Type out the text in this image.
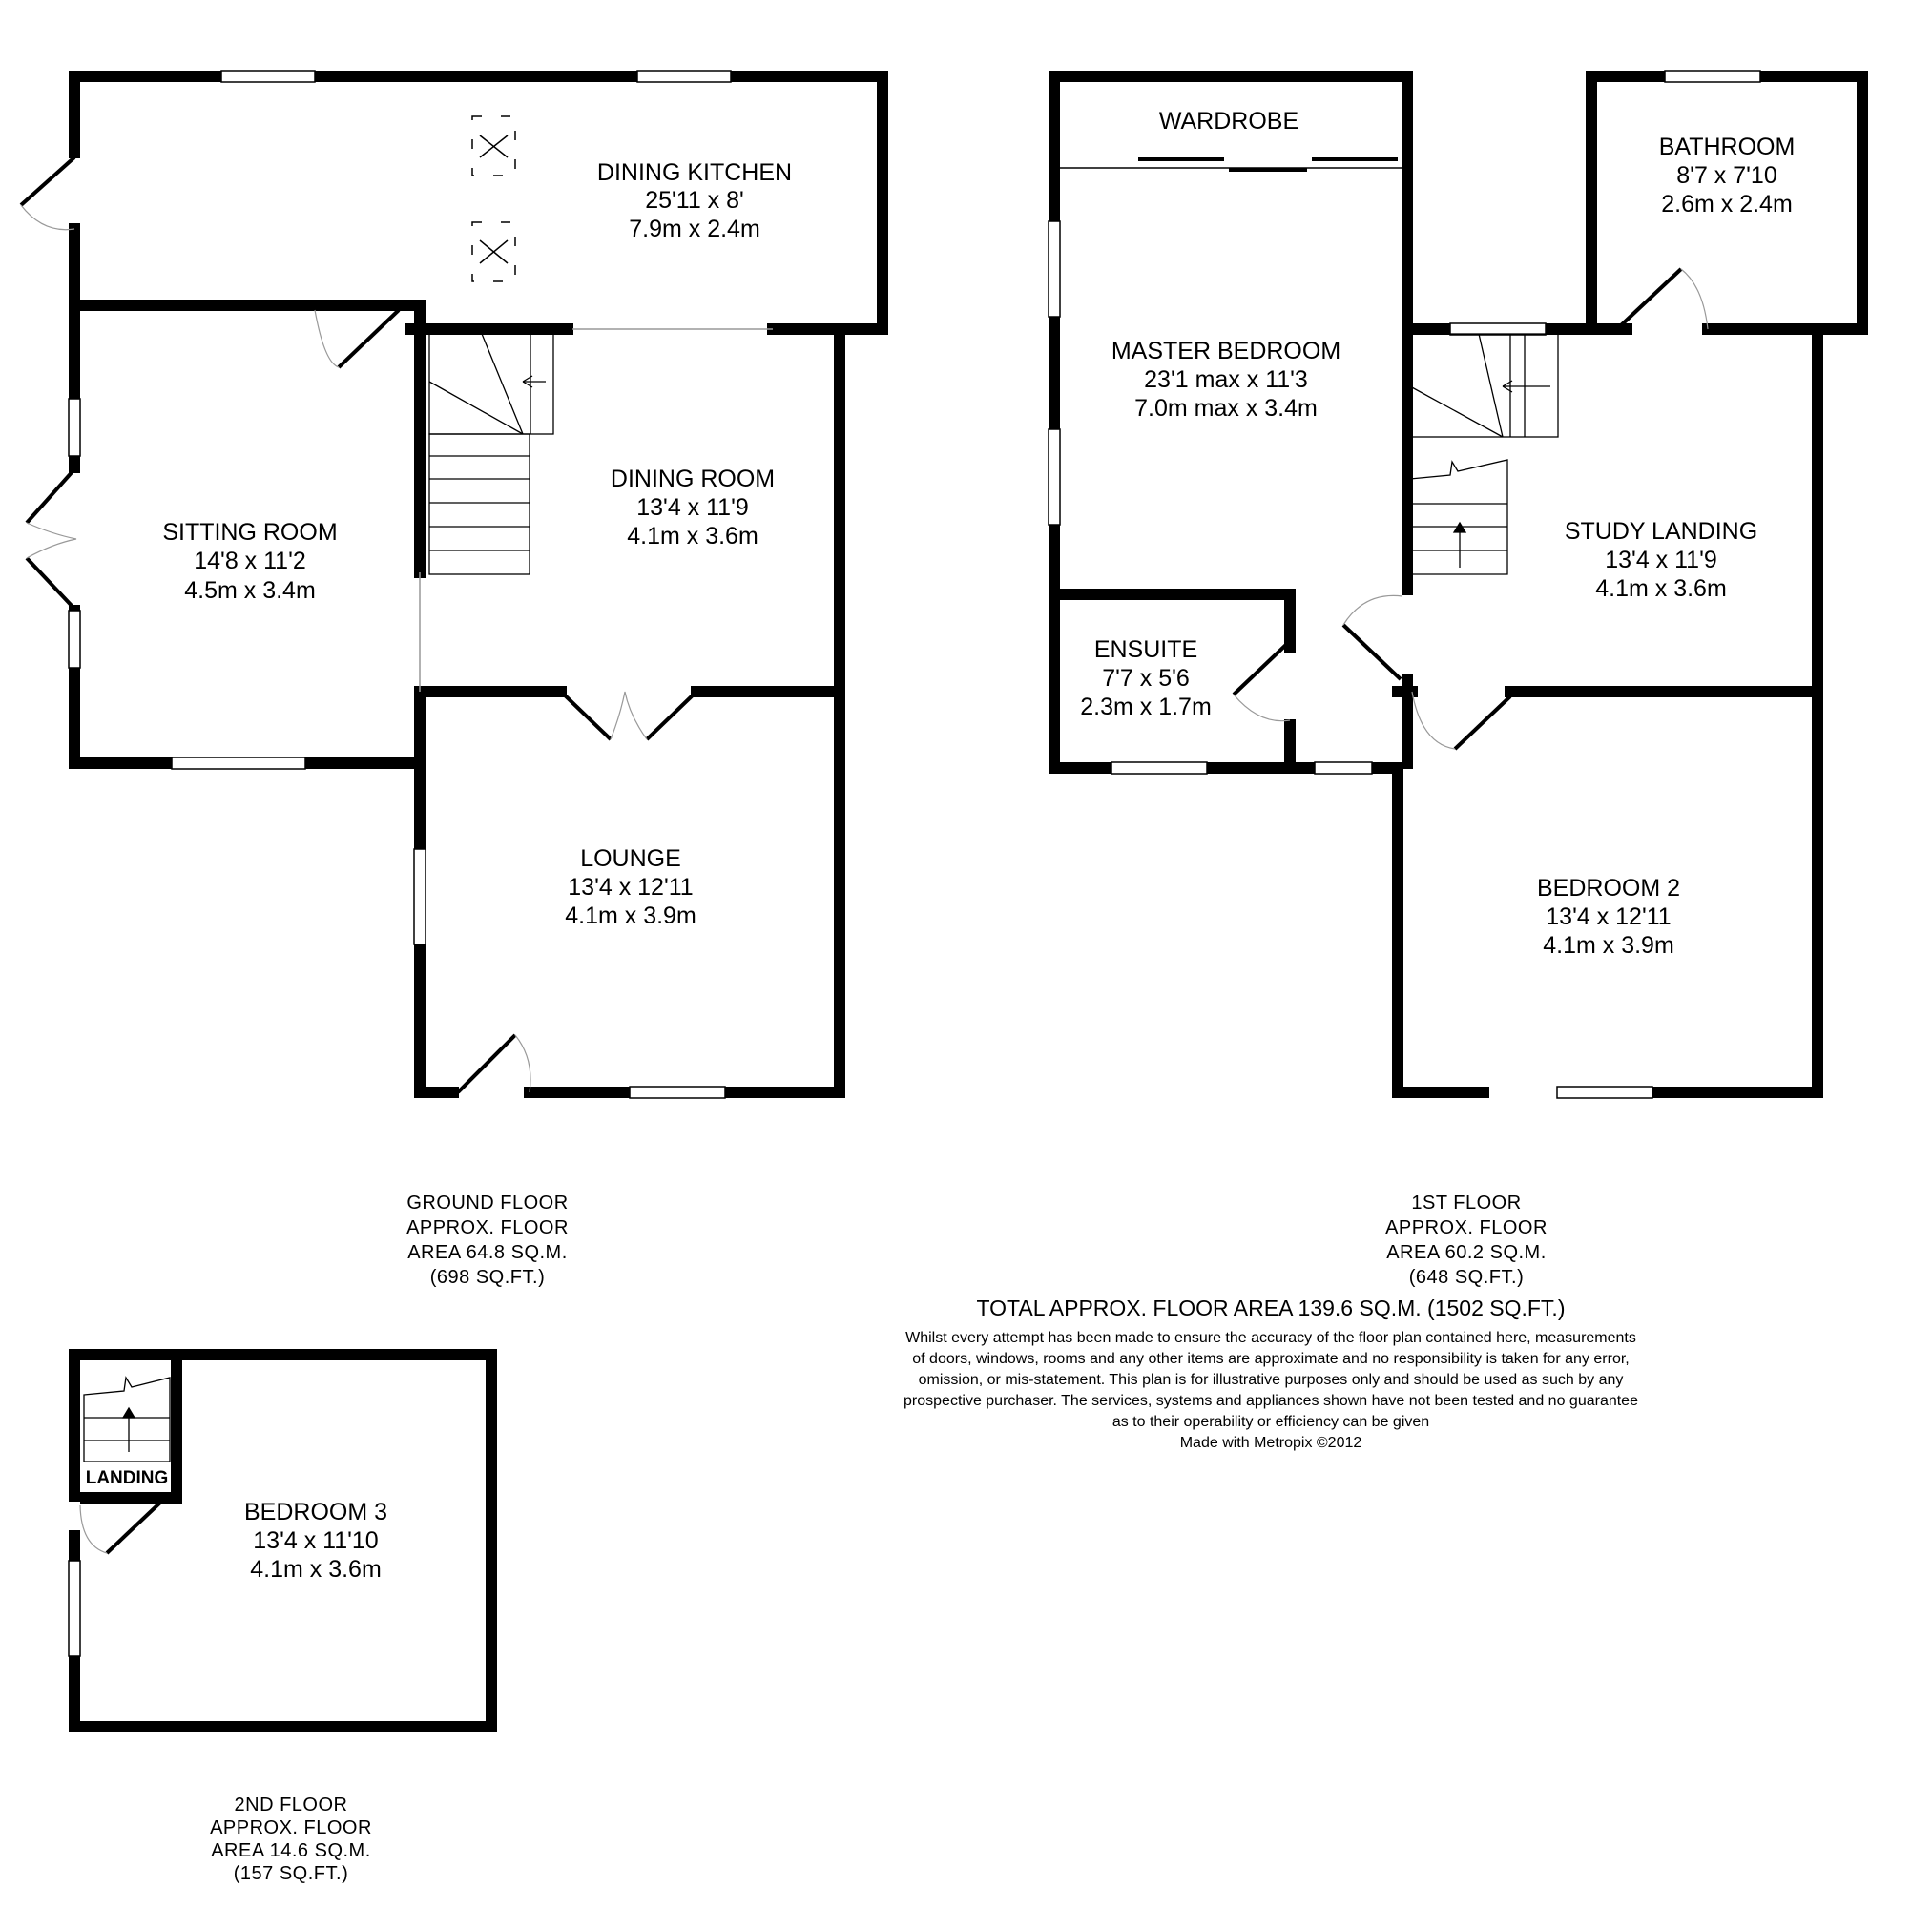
DINING KITCHEN
25'11 x 8'
7.9m x 2.4m
SITTING ROOM
14'8 x 11'2
4.5m x 3.4m
DINING ROOM
13'4 x 11'9
4.1m x 3.6m
LOUNGE
13'4 x 12'11
4.1m x 3.9m
GROUND FLOOR
APPROX. FLOOR
AREA 64.8 SQ.M.
(698 SQ.FT.)
WARDROBE
MASTER BEDROOM
23'1 max x 11'3
7.0m max x 3.4m
ENSUITE
7'7 x 5'6
2.3m x 1.7m
BATHROOM
8'7 x 7'10
2.6m x 2.4m
STUDY LANDING
13'4 x 11'9
4.1m x 3.6m
BEDROOM 2
13'4 x 12'11
4.1m x 3.9m
1ST FLOOR
APPROX. FLOOR
AREA 60.2 SQ.M.
(648 SQ.FT.)
TOTAL APPROX. FLOOR AREA 139.6 SQ.M. (1502 SQ.FT.)
Whilst every attempt has been made to ensure the accuracy of the floor plan contained here, measurements
of doors, windows, rooms and any other items are approximate and no responsibility is taken for any error,
omission, or mis-statement. This plan is for illustrative purposes only and should be used as such by any
prospective purchaser. The services, systems and appliances shown have not been tested and no guarantee
as to their operability or efficiency can be given
Made with Metropix ©2012
LANDING
BEDROOM 3
13'4 x 11'10
4.1m x 3.6m
2ND FLOOR
APPROX. FLOOR
AREA 14.6 SQ.M.
(157 SQ.FT.)
